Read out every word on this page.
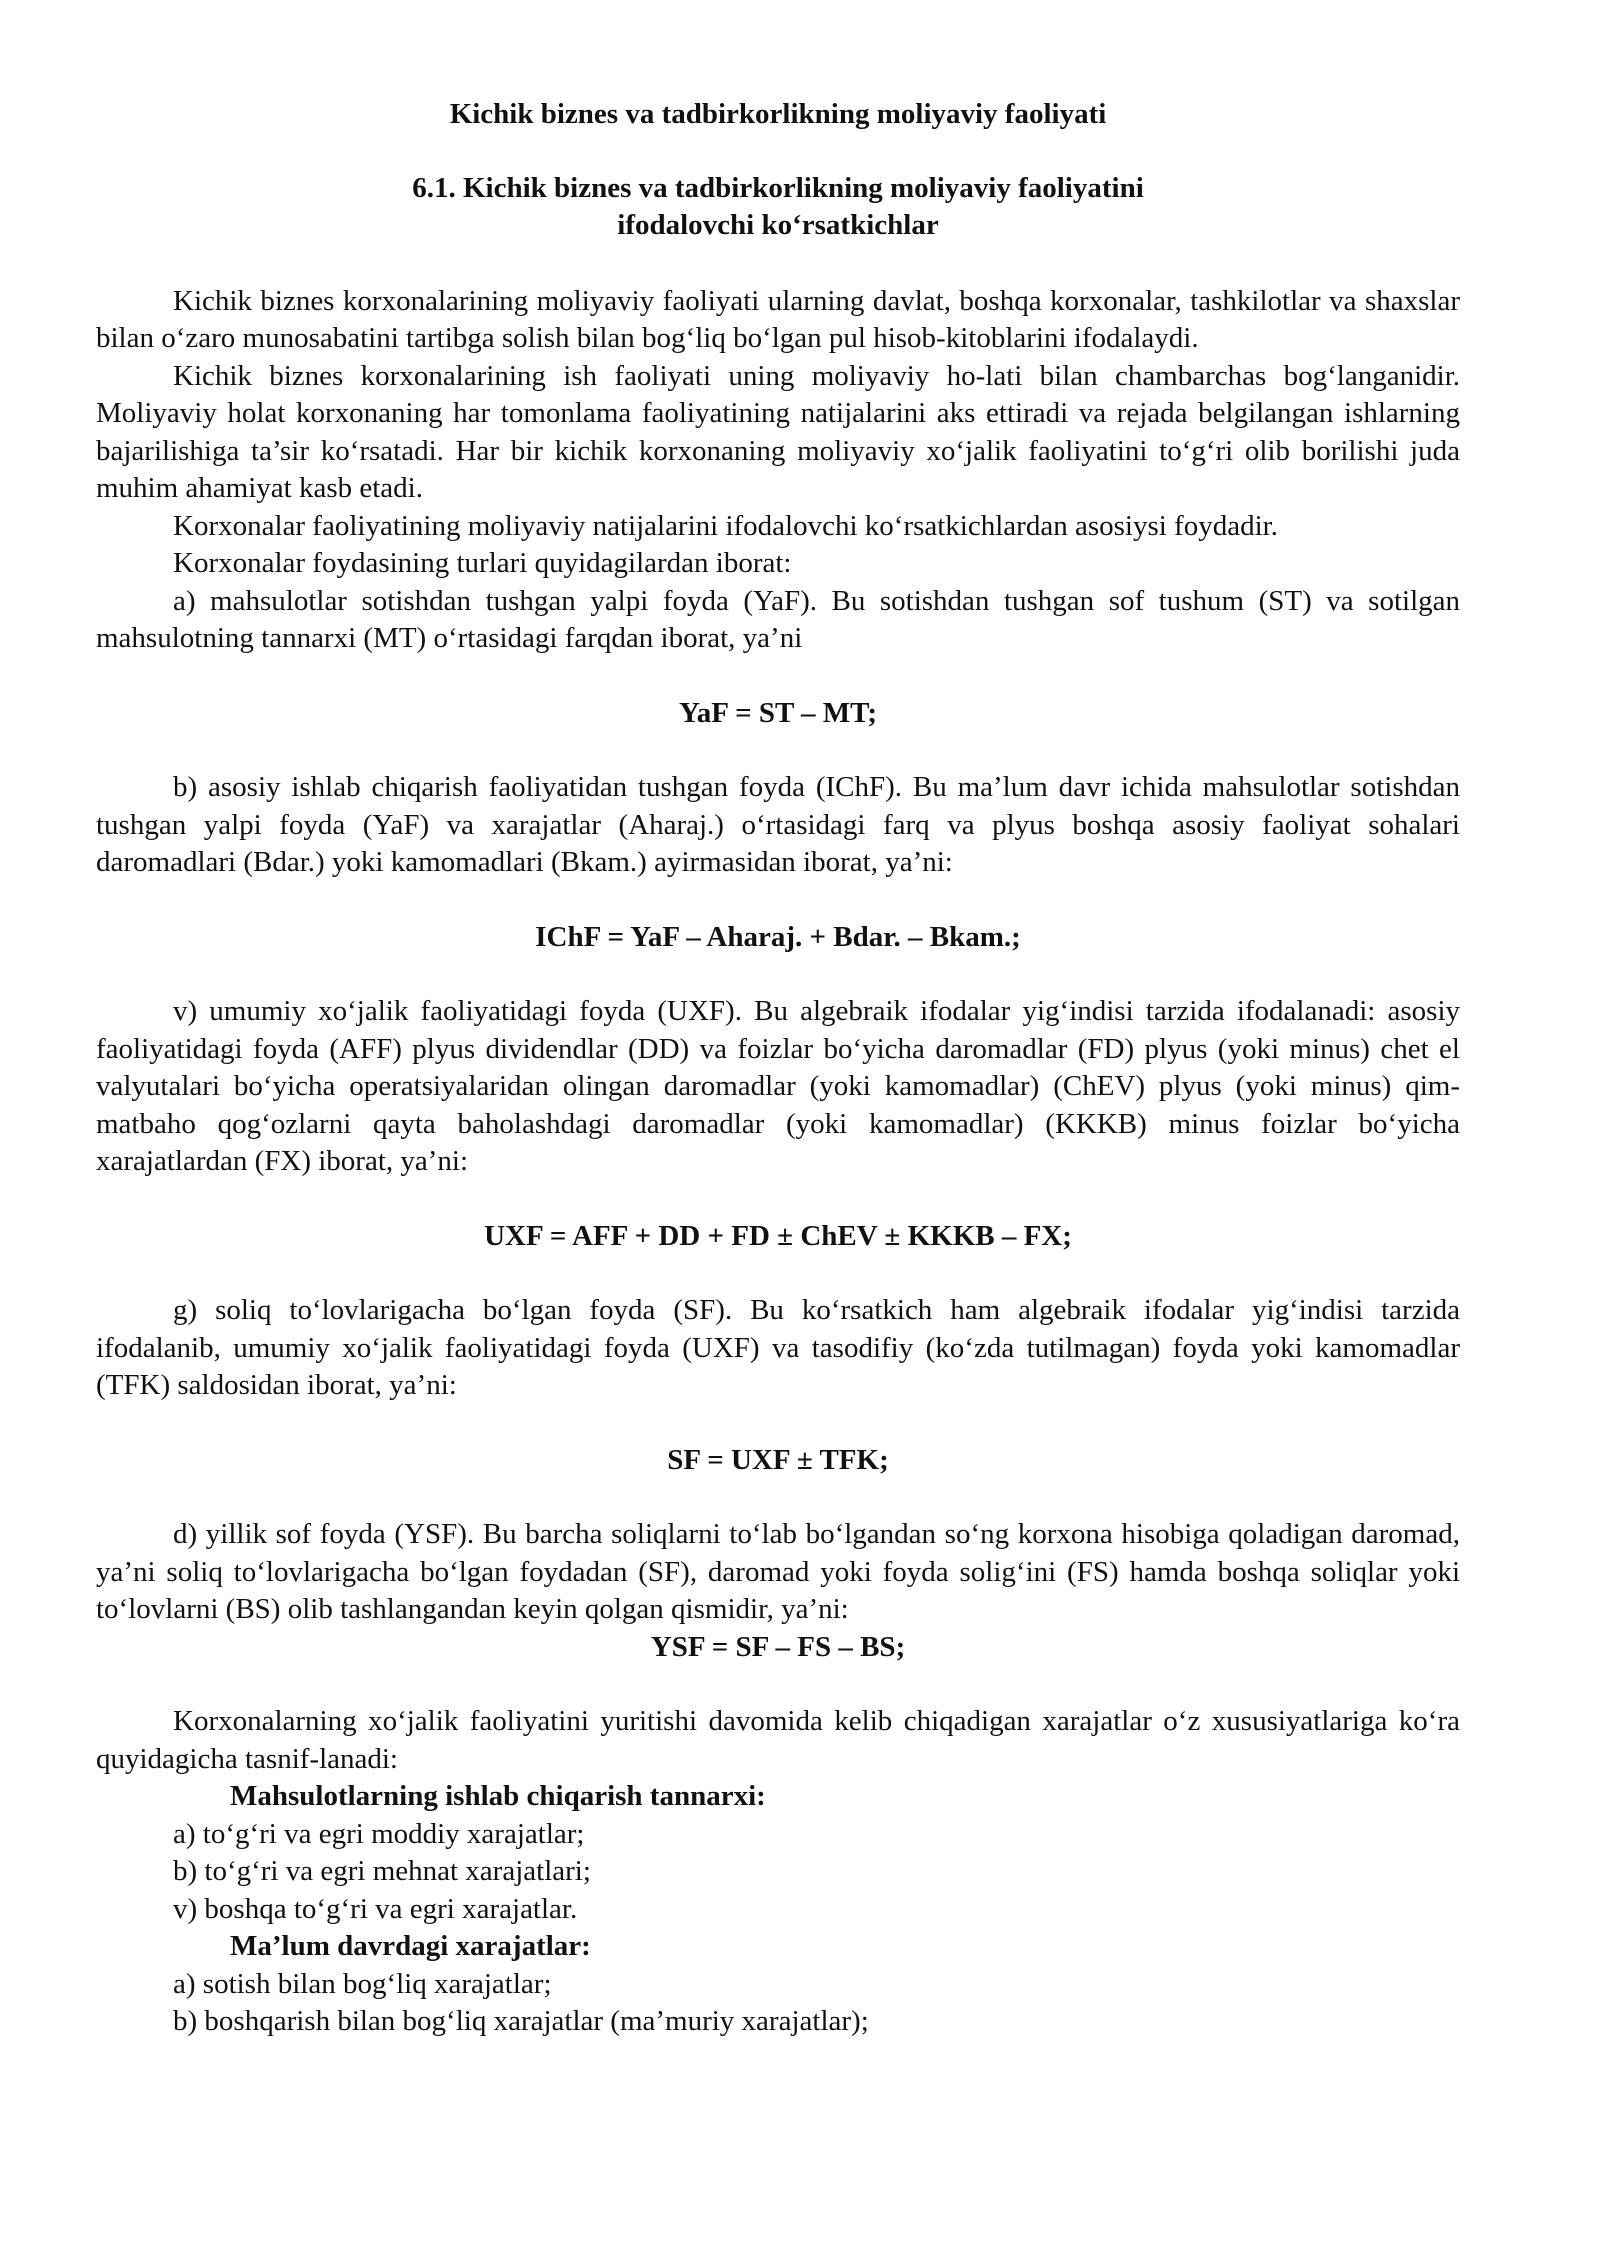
Kichik biznes va tadbirkorlikning moliyaviy faoliyati

6.1. Kichik biznes va tadbirkorlikning moliyaviy faoliyatini
ifodalovchi ko‘rsatkichlar

Kichik biznes korxonalarining moliyaviy faoliyati ularning davlat, boshqa korxonalar, tashkilotlar va shaxslar bilan o‘zaro munosabatini tartibga solish bilan bog‘liq bo‘lgan pul hisob-kitoblarini ifodalaydi.

Kichik biznes korxonalarining ish faoliyati uning moliyaviy ho-lati bilan chambarchas bog‘langanidir. Moliyaviy holat korxonaning har tomonlama faoliyatining natijalarini aks ettiradi va rejada belgilangan ishlarning bajarilishiga ta’sir ko‘rsatadi. Har bir kichik korxonaning moliyaviy xo‘jalik faoliyatini to‘g‘ri olib borilishi juda muhim ahamiyat kasb etadi.

Korxonalar faoliyatining moliyaviy natijalarini ifodalovchi ko‘rsatkichlardan asosiysi foydadir.

Korxonalar foydasining turlari quyidagilardan iborat:

a) mahsulotlar sotishdan tushgan yalpi foyda (YaF). Bu sotishdan tushgan sof tushum (ST) va sotilgan mahsulotning tannarxi (MT) o‘rtasidagi farqdan iborat, ya’ni

YaF = ST – MT;

b) asosiy ishlab chiqarish faoliyatidan tushgan foyda (IChF). Bu ma’lum davr ichida mahsulotlar sotishdan tushgan yalpi foyda (YaF) va xarajatlar (Aharaj.) o‘rtasidagi farq va plyus boshqa asosiy faoliyat sohalari daromadlari (Bdar.) yoki kamomadlari (Bkam.) ayirmasidan iborat, ya’ni:

IChF = YaF – Aharaj. + Bdar. – Bkam.;

v) umumiy xo‘jalik faoliyatidagi foyda (UXF). Bu algebraik ifodalar yig‘indisi tarzida ifodalanadi: asosiy faoliyatidagi foyda (AFF) plyus dividendlar (DD) va foizlar bo‘yicha daromadlar (FD) plyus (yoki minus) chet el valyutalari bo‘yicha operatsiyalaridan olingan daromadlar (yoki kamomadlar) (ChEV) plyus (yoki minus) qim-matbaho qog‘ozlarni qayta baholashdagi daromadlar (yoki kamomadlar) (KKKB) minus foizlar bo‘yicha xarajatlardan (FX) iborat, ya’ni:

UXF = AFF + DD + FD ± ChEV ± KKKB – FX;

g) soliq to‘lovlarigacha bo‘lgan foyda (SF). Bu ko‘rsatkich ham algebraik ifodalar yig‘indisi tarzida ifodalanib, umumiy xo‘jalik faoliyatidagi foyda (UXF) va tasodifiy (ko‘zda tutilmagan) foyda yoki kamomadlar (TFK) saldosidan iborat, ya’ni:

SF = UXF ± TFK;

d) yillik sof foyda (YSF). Bu barcha soliqlarni to‘lab bo‘lgandan so‘ng korxona hisobiga qoladigan daromad, ya’ni soliq to‘lovlarigacha bo‘lgan foydadan (SF), daromad yoki foyda solig‘ini (FS) hamda boshqa soliqlar yoki to‘lovlarni (BS) olib tashlangandan keyin qolgan qismidir, ya’ni:

YSF = SF – FS – BS;

Korxonalarning xo‘jalik faoliyatini yuritishi davomida kelib chiqadigan xarajatlar o‘z xususiyatlariga ko‘ra quyidagicha tasnif-lanadi:

Mahsulotlarning ishlab chiqarish tannarxi:

a) to‘g‘ri va egri moddiy xarajatlar;

b) to‘g‘ri va egri mehnat xarajatlari;

v) boshqa to‘g‘ri va egri xarajatlar.

Ma’lum davrdagi xarajatlar:

a) sotish bilan bog‘liq xarajatlar;

b) boshqarish bilan bog‘liq xarajatlar (ma’muriy xarajatlar);
